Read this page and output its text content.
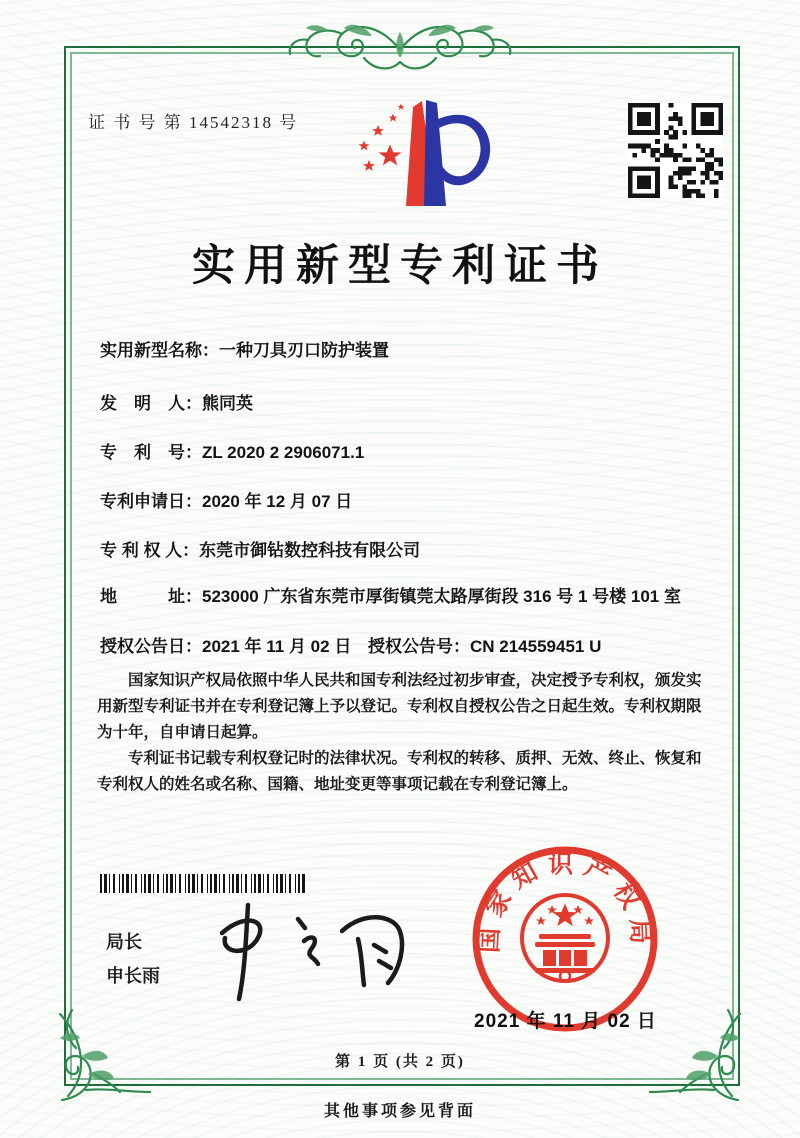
证 书 号 第 14542318 号
实用新型专利证书
实用新型名称：一种刀具刃口防护装置
发　明　人：熊同英
专　利　号：ZL 2020 2 2906071.1
专利申请日：2020 年 12 月 07 日
专 利 权 人：东莞市御钻数控科技有限公司
地　　　址：523000 广东省东莞市厚街镇莞太路厚街段 316 号 1 号楼 101 室
授权公告日：2021 年 11 月 02 日 授权公告号：CN 214559451 U

国家知识产权局依照中华人民共和国专利法经过初步审查，决定授予专利权，颁发实用新型专利证书并在专利登记簿上予以登记。专利权自授权公告之日起生效。专利权期限为十年，自申请日起算。

专利证书记载专利权登记时的法律状况。专利权的转移、质押、无效、终止、恢复和专利权人的姓名或名称、国籍、地址变更等事项记载在专利登记簿上。

局长
申长雨
国家知识产权局
2021 年 11 月 02 日
第 1 页 (共 2 页)
其他事项参见背面
